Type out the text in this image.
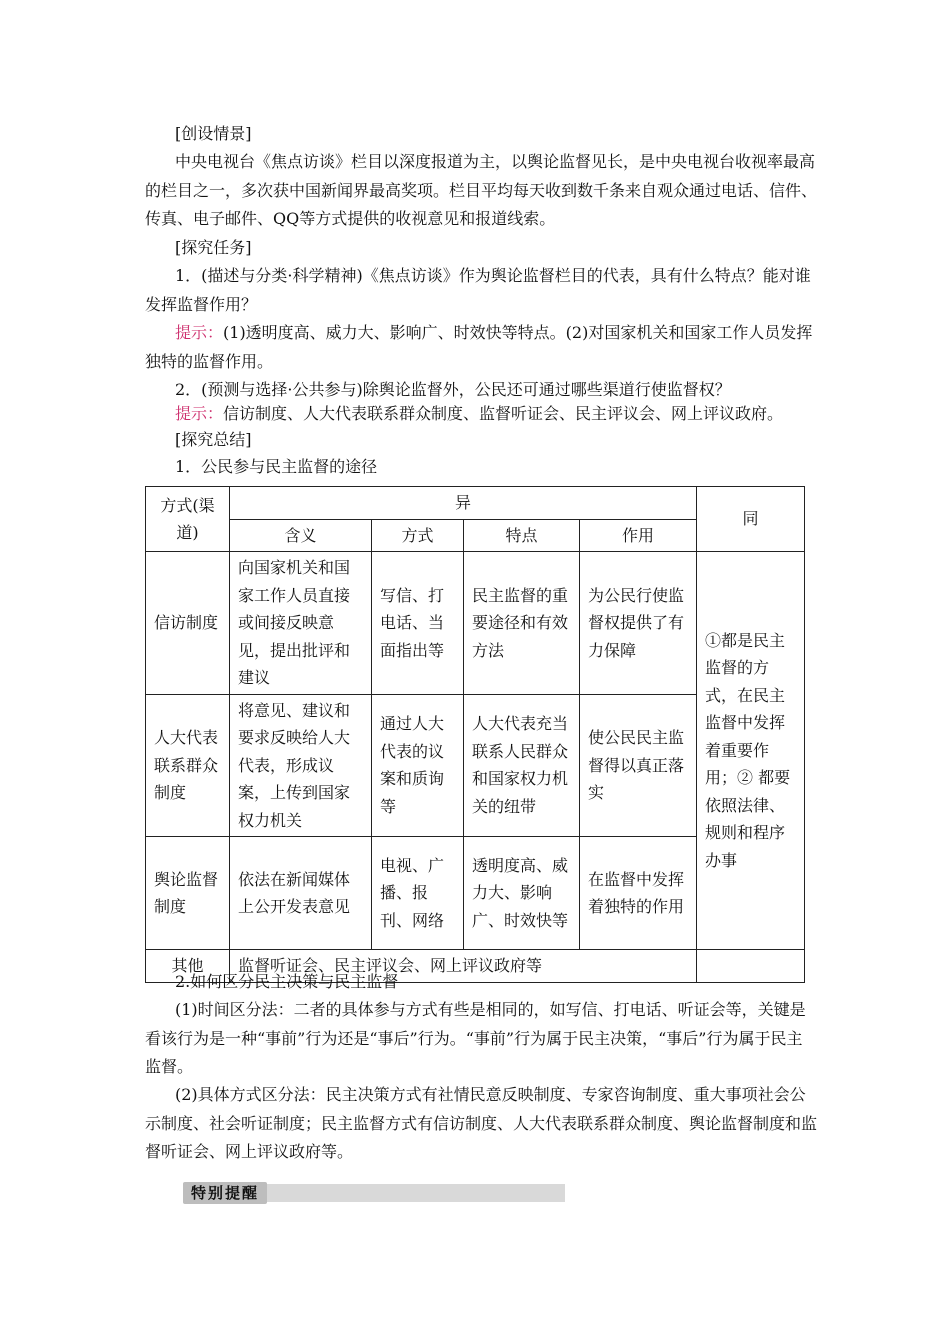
[创设情景]
中央电视台《焦点访谈》栏目以深度报道为主，以舆论监督见长，是中央电视台收视率最高的栏目之一，多次获中国新闻界最高奖项。栏目平均每天收到数千条来自观众通过电话、信件、传真、电子邮件、QQ等方式提供的收视意见和报道线索。
[探究任务]
1．(描述与分类·科学精神)《焦点访谈》作为舆论监督栏目的代表，具有什么特点？能对谁发挥监督作用？
提示：(1)透明度高、威力大、影响广、时效快等特点。(2)对国家机关和国家工作人员发挥独特的监督作用。
2．(预测与选择·公共参与)除舆论监督外，公民还可通过哪些渠道行使监督权？
提示：信访制度、人大代表联系群众制度、监督听证会、民主评议会、网上评议政府。
[探究总结]
1．公民参与民主监督的途径
方式(渠道)	异				同
	含义	方式	特点	作用	
信访制度	向国家机关和国家工作人员直接或间接反映意见，提出批评和建议	写信、打电话、当面指出等	民主监督的重要途径和有效方法	为公民行使监督权提供了有力保障	①都是民主监督的方式，在民主监督中发挥着重要作用；② 都要依照法律、规则和程序办事
人大代表联系群众制度	将意见、建议和要求反映给人大代表，形成议案，上传到国家权力机关	通过人大代表的议案和质询等	人大代表充当联系人民群众和国家权力机关的纽带	使公民民主监督得以真正落实	
舆论监督制度	依法在新闻媒体上公开发表意见	电视、广播、报刊、网络	透明度高、威力大、影响广、时效快等	在监督中发挥着独特的作用	
其他	监督听证会、民主评议会、网上评议政府等				
2.如何区分民主决策与民主监督
(1)时间区分法：二者的具体参与方式有些是相同的，如写信、打电话、听证会等，关键是看该行为是一种“事前”行为还是“事后”行为。“事前”行为属于民主决策，“事后”行为属于民主监督。
(2)具体方式区分法：民主决策方式有社情民意反映制度、专家咨询制度、重大事项社会公示制度、社会听证制度；民主监督方式有信访制度、人大代表联系群众制度、舆论监督制度和监督听证会、网上评议政府等。
特别提醒
